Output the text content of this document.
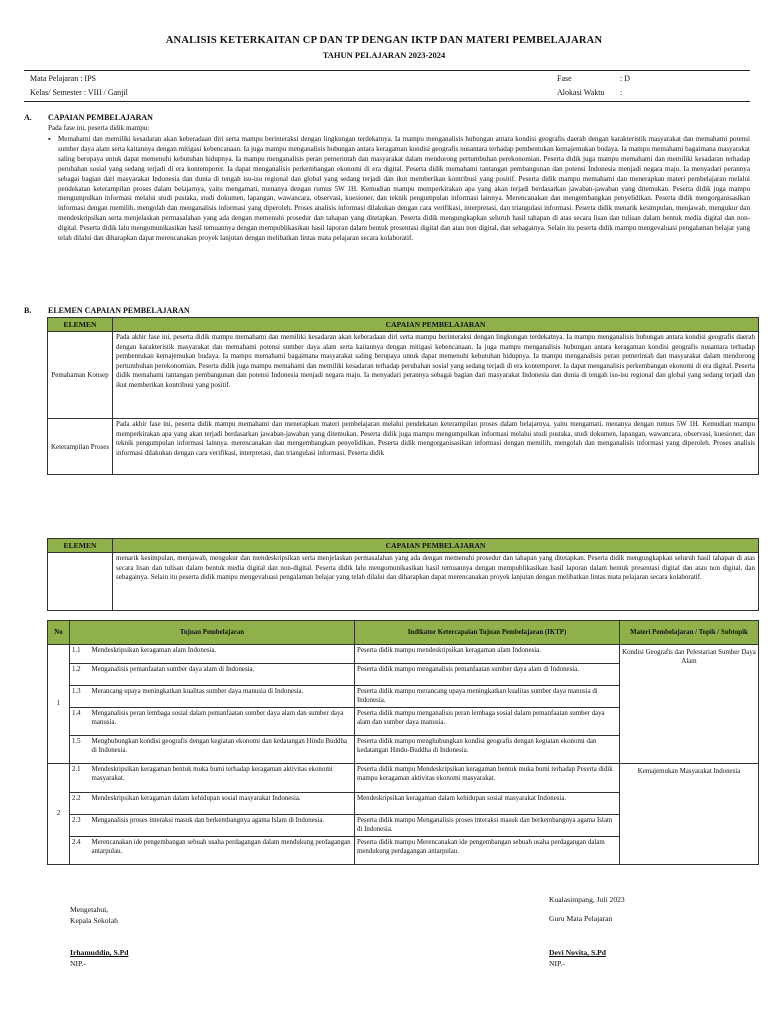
ANALISIS KETERKAITAN CP DAN TP DENGAN IKTP DAN MATERI PEMBELAJARAN
TAHUN PELAJARAN 2023-2024
Mata Pelajaran : IPS
Kelas/ Semester : VIII / Ganjil
Fase	: D
Alokasi Waktu :
A. CAPAIAN PEMBELAJARAN
Pada fase ini, peserta didik mampu:
▪ Memahami dan memiliki kesadaran akan keberadaan diri serta mampu berinteraksi dengan lingkungan terdekatnya. Ia mampu menganalisis hubungan antara kondisi geografis daerah dengan karakteristik masyarakat dan memahami potensi sumber daya alam serta kaitannya dengan mitigasi kebencanaan. Ia juga mampu menganalisis hubungan antara keragaman kondisi geografis nusantara terhadap pembentukan kemajemukan budaya. Ia mampu memahami bagaimana masyarakat saling berupaya untuk dapat memenuhi kebutuhan hidupnya. Ia mampu menganalisis peran pemerintah dan masyarakat dalam mendorong pertumbuhan perekonomian. Peserta didik juga mampu memahami dan memiliki kesadaran terhadap perubahan sosial yang sedang terjadi di era kontemporer. Ia dapat menganalisis perkembangan ekonomi di era digital. Peserta didik memahami tantangan pembangunan dan potensi Indonesia menjadi negara maju. Ia menyadari perannya sebagai bagian dari masyarakat Indonesia dan dunia di tengah isu-isu regional dan global yang sedang terjadi dan ikut memberikan kontribusi yang positif. Peserta didik mampu memahami dan menerapkan materi pembelajaran melalui pendekatan keterampilan proses dalam belajarnya, yaitu mengamati, menanya dengan rumus 5W 1H. Kemudian mampu memperkirakan apa yang akan terjadi berdasarkan jawaban-jawaban yang ditemukan. Peserta didik juga mampu mengumpulkan informasi melalui studi pustaka, studi dokumen, lapangan, wawancara, observasi, kuesioner, dan teknik pengumpulan informasi lainnya. Merencanakan dan mengembangkan penyelidikan. Peserta didik mengorganisasikan informasi dengan memilih, mengolah dan menganalisis informasi yang diperoleh. Proses analisis informasi dilakukan dengan cara verifikasi, interpretasi, dan triangulasi informasi. Peserta didik menarik kesimpulan, menjawab, mengukur dan mendeskripsikan serta menjelaskan permasalahan yang ada dengan memenuhi prosedur dan tahapan yang ditetapkan. Peserta didik mengungkapkan seluruh hasil tahapan di atas secara lisan dan tulisan dalam bentuk media digital dan non-digital. Peserta didik lalu mengomunikasikan hasil temuannya dengan mempublikasikan hasil laporan dalam bentuk presentasi digital dan atau non digital, dan sebagainya. Selain itu peserta didik mampu mengevaluasi pengalaman belajar yang telah dilalui dan diharapkan dapat merencanakan proyek lanjutan dengan melibatkan lintas mata pelajaran secara kolaboratif.
B. ELEMEN CAPAIAN PEMBELAJARAN
ELEMEN	CAPAIAN PEMBELAJARAN
Pemahaman Konsep	Pada akhir fase ini, peserta didik mampu memahami dan memiliki kesadaran akan keberadaan diri serta mampu berinteraksi dengan lingkungan terdekatnya. Ia mampu menganalisis hubungan antara kondisi geografis daerah dengan karakteristik masyarakat dan memahami potensi sumber daya alam serta kaitannya dengan mitigasi kebencanaan. Ia juga mampu menganalisis hubungan antara keragaman kondisi geografis nusantara terhadap pembentukan kemajemukan budaya. Ia mampu memahami bagaimana masyarakat saling berupaya untuk dapat memenuhi kebutuhan hidupnya. Ia mampu menganalisis peran pemerintah dan masyarakat dalam mendorong pertumbuhan perekonomian. Peserta didik juga mampu memahami dan memiliki kesadaran terhadap perubahan sosial yang sedang terjadi di era kontemporer. Ia dapat menganalisis perkembangan ekonomi di era digital. Peserta didik memahami tantangan pembangunan dan potensi Indonesia menjadi negara maju. Ia menyadari perannya sebagai bagian dari masyarakat Indonesia dan dunia di tengah isu-isu regional dan global yang sedang terjadi dan ikut memberikan kontribusi yang positif.

Keterampilan Proses	Pada akhir fase ini, peserta didik mampu memahami dan menerapkan materi pembelajaran melalui pendekatan keterampilan proses dalam belajarnya, yaitu mengamati, menanya dengan rumus 5W 1H. Kemudian mampu memperkirakan apa yang akan terjadi berdasarkan jawaban-jawaban yang ditemukan. Peserta didik juga mampu mengumpulkan informasi melalui studi pustaka, studi dokumen, lapangan, wawancara, observasi, kuesioner, dan teknik pengumpulan informasi lainnya. merencanakan dan mengembangkan penyelidikan. Peserta didik mengorganisasikan informasi dengan memilih, mengolah dan menganalisis informasi yang diperoleh. Proses analisis informasi dilakukan dengan cara verifikasi, interpretasi, dan triangulasi informasi. Peserta didik
ELEMEN	CAPAIAN PEMBELAJARAN

	menarik kesimpulan, menjawab, mengukur dan mendeskripsikan serta menjelaskan permasalahan yang ada dengan memenuhi prosedur dan tahapan yang ditetapkan. Peserta didik mengungkapkan seluruh hasil tahapan di atas secara lisan dan tulisan dalam bentuk media digital dan non-digital. Peserta didik lalu mengomunikasikan hasil temuannya dengan mempublikasikan hasil laporan dalam bentuk presentasi digital dan atau non digital, dan sebagainya. Selain itu peserta didik mampu mengevaluasi pengalaman belajar yang telah dilalui dan diharapkan dapat merencanakan proyek lanjutan dengan melibatkan lintas mata pelajaran secara kolaboratif.
No	Tujuan Pembelajaran		Indikator Ketercapaian Tujuan Pembelajaran (IKTP)	Materi Pembelajaran / Topik / Subtopik
1	1.1	Mendeskripsikan keragaman alam Indonesia.	Peserta didik mampu mendeskripsikan keragaman alam Indonesia.	Kondisi Geografis dan Pelestarian Sumber Daya Alam
	1.2	Menganalisis pemanfaatan sumber daya alam di Indonesia.	Peserta didik mampu menganalisis pemanfaatan sumber daya alam di Indonesia.	
	1.3	Merancang upaya meningkatkan kualitas sumber daya manusia di Indonesia.	Peserta didik mampu merancang upaya meningkatkan kualitas sumber daya manusia di Indonesia.	
	1.4	Menganalisis peran lembaga sosial dalam pemanfaatan sumber daya alam dan sumber daya manusia.	Peserta didik mampu menganalisis peran lembaga sosial dalam pemanfaatan sumber daya alam dan sumber daya manusia.	
	1.5	Menghubungkan kondisi geografis dengan kegiatan ekonomi dan kedatangan Hindu Buddha di Indonesia.	Peserta didik mampu menghubungkan kondisi geografis dengan kegiatan ekonomi dan kedatangan Hindu-Buddha di Indonesia.	
2	2.1	Mendeskripsikan keragaman bentuk muka bumi terhadap keragaman aktivitas ekonomi masyarakat.	Peserta didik mampu Mendeskripsikan keragaman bentuk muka bumi terhadap Peserta didik mampu keragaman aktivitas ekonomi masyarakat.	Kemajemukan Masyarakat Indonesia
	2.2	Mendeskripsikan keragaman dalam kehidupan sosial masyarakat Indonesia.	Mendeskripsikan keragaman dalam kehidupan sosial masyarakat Indonesia.	
	2.3	Menganalisis proses interaksi masuk dan berkembangnya agama Islam di Indonesia.	Peserta didik mampu Menganalisis proses interaksi masuk dan berkembangnya agama Islam di Indonesia.	
	2.4	Merencanakan ide pengembangan sebuah usaha perdagangan dalam mendukung perdagangan antarpulau.	Peserta didik mampu Merencanakan ide pengembangan sebuah usaha perdagangan dalam mendukung perdagangan antarpulau.	
Kualasimpang, Juli 2023
Mengetahui,
Kepala Sekolah	Guru Mata Pelajaran
Irhamuddin, S.Pd
NIP.-
Devi Novita, S.Pd
NIP.-
